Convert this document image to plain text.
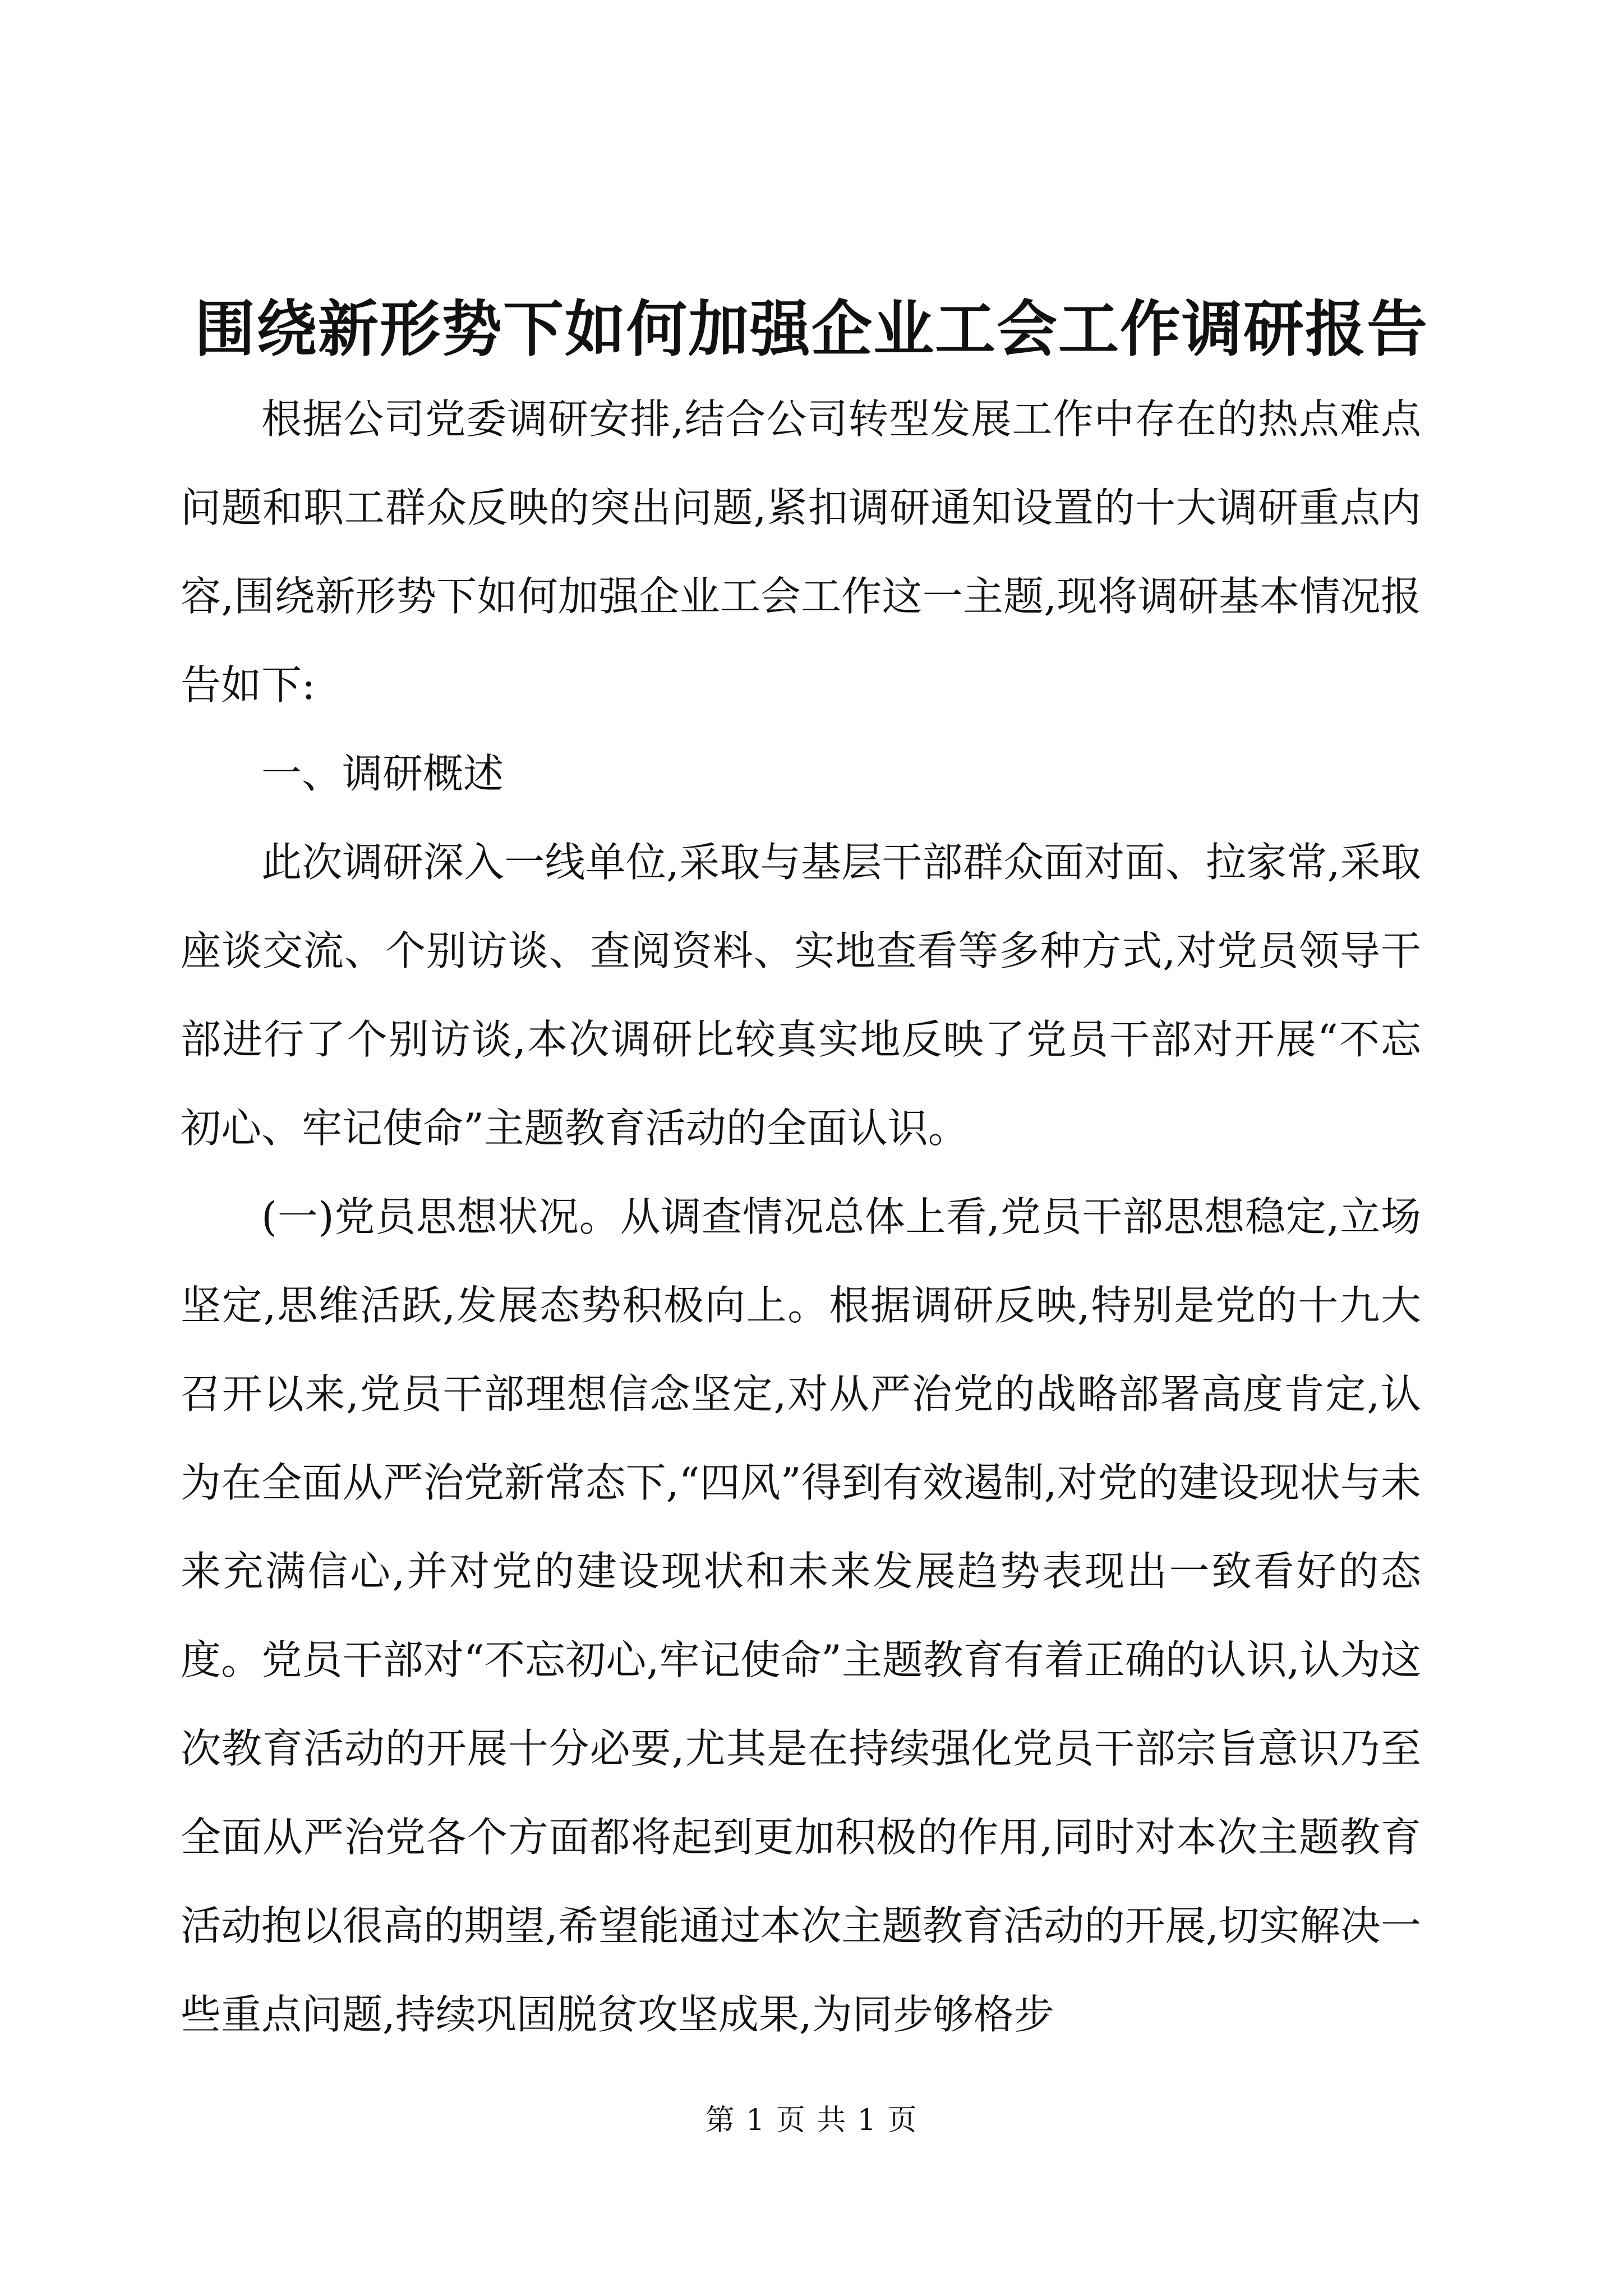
围绕新形势下如何加强企业工会工作调研报告

根据公司党委调研安排,结合公司转型发展工作中存在的热点难点问题和职工群众反映的突出问题,紧扣调研通知设置的十大调研重点内容,围绕新形势下如何加强企业工会工作这一主题,现将调研基本情况报告如下:

一、调研概述

此次调研深入一线单位,采取与基层干部群众面对面、拉家常,采取座谈交流、个别访谈、查阅资料、实地查看等多种方式,对党员领导干部进行了个别访谈,本次调研比较真实地反映了党员干部对开展“不忘初心、牢记使命”主题教育活动的全面认识。

(一)党员思想状况。从调查情况总体上看,党员干部思想稳定,立场坚定,思维活跃,发展态势积极向上。根据调研反映,特别是党的十九大召开以来,党员干部理想信念坚定,对从严治党的战略部署高度肯定,认为在全面从严治党新常态下,“四风”得到有效遏制,对党的建设现状与未来充满信心,并对党的建设现状和未来发展趋势表现出一致看好的态度。党员干部对“不忘初心,牢记使命”主题教育有着正确的认识,认为这次教育活动的开展十分必要,尤其是在持续强化党员干部宗旨意识乃至全面从严治党各个方面都将起到更加积极的作用,同时对本次主题教育活动抱以很高的期望,希望能通过本次主题教育活动的开展,切实解决一些重点问题,持续巩固脱贫攻坚成果,为同步够格步

第 1 页 共 1 页
